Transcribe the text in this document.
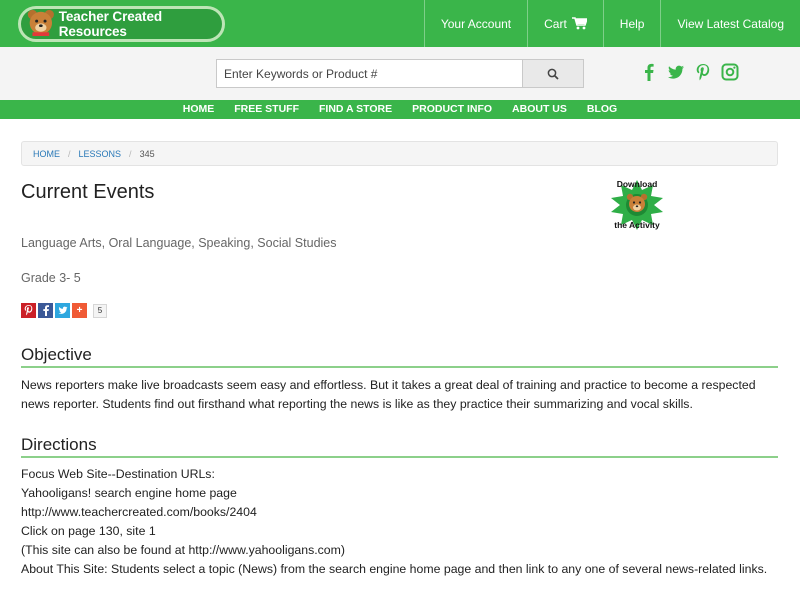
Teacher Created Resources
Your Account	Cart	Help	View Latest Catalog
Enter Keywords or Product #
HOME	FREE STUFF	FIND A STORE	PRODUCT INFO	ABOUT US	BLOG
HOME / LESSONS / 345
Current Events
Language Arts, Oral Language, Speaking, Social Studies
Grade 3- 5
Download
the Activity
+	5
Objective

News reporters make live broadcasts seem easy and effortless. But it takes a great deal of training and practice to become a respected news reporter. Students find out firsthand what reporting the news is like as they practice their summarizing and vocal skills.

Directions
Focus Web Site--Destination URLs:
Yahooligans! search engine home page
http://www.teachercreated.com/books/2404
Click on page 130, site 1
(This site can also be found at http://www.yahooligans.com)
About This Site: Students select a topic (News) from the search engine home page and then link to any one of several news-related links.
